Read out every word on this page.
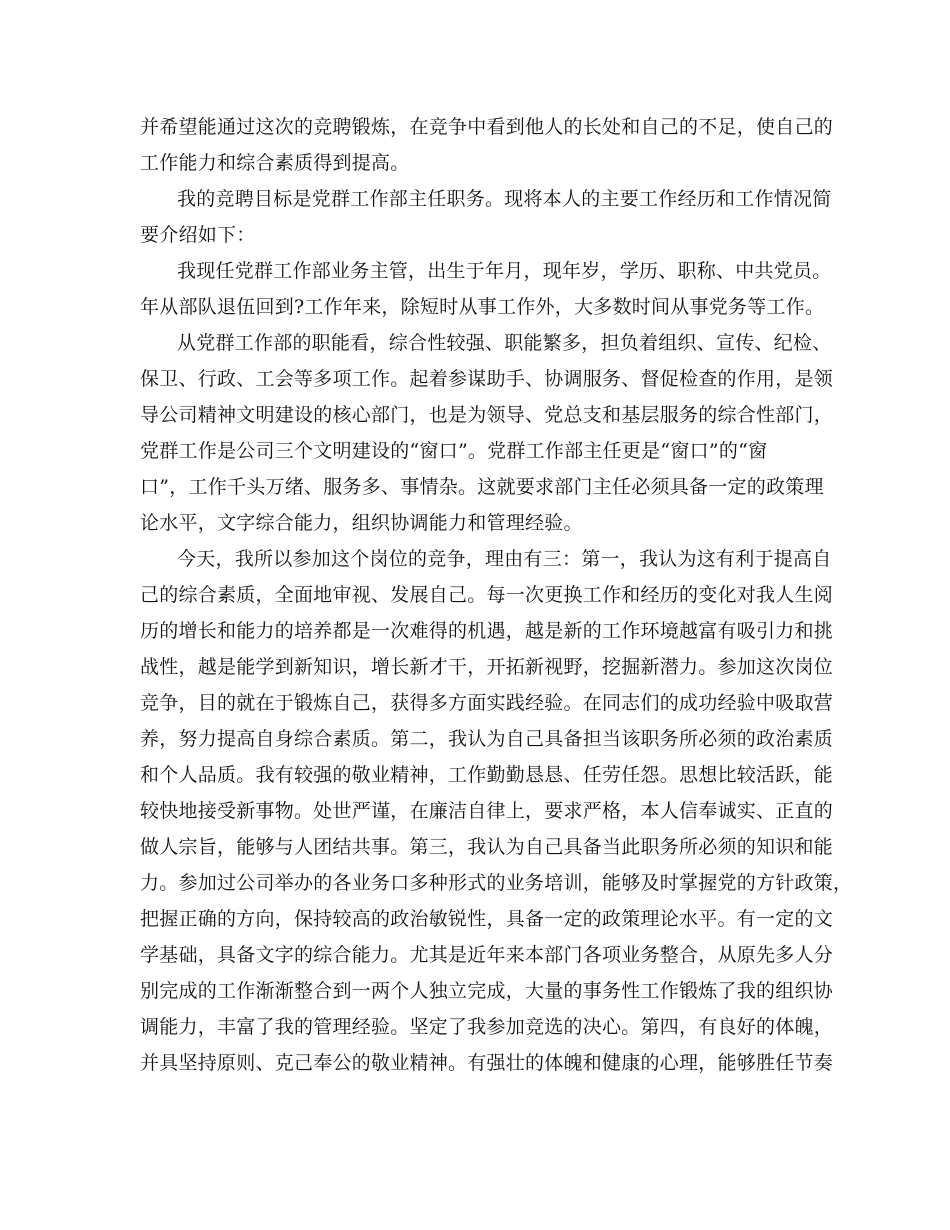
并希望能通过这次的竞聘锻炼，在竞争中看到他人的长处和自己的不足，使自己的
工作能力和综合素质得到提高。
我的竞聘目标是党群工作部主任职务。现将本人的主要工作经历和工作情况简
要介绍如下：
我现任党群工作部业务主管，出生于年月，现年岁，学历、职称、中共党员。
年从部队退伍回到?工作年来，除短时从事工作外，大多数时间从事党务等工作。
从党群工作部的职能看，综合性较强、职能繁多，担负着组织、宣传、纪检、
保卫、行政、工会等多项工作。起着参谋助手、协调服务、督促检查的作用，是领
导公司精神文明建设的核心部门，也是为领导、党总支和基层服务的综合性部门，
党群工作是公司三个文明建设的“窗口”。党群工作部主任更是“窗口”的“窗
口”，工作千头万绪、服务多、事情杂。这就要求部门主任必须具备一定的政策理
论水平，文字综合能力，组织协调能力和管理经验。
今天，我所以参加这个岗位的竞争，理由有三：第一，我认为这有利于提高自
己的综合素质，全面地审视、发展自己。每一次更换工作和经历的变化对我人生阅
历的增长和能力的培养都是一次难得的机遇，越是新的工作环境越富有吸引力和挑
战性，越是能学到新知识，增长新才干，开拓新视野，挖掘新潜力。参加这次岗位
竞争，目的就在于锻炼自己，获得多方面实践经验。在同志们的成功经验中吸取营
养，努力提高自身综合素质。第二，我认为自己具备担当该职务所必须的政治素质
和个人品质。我有较强的敬业精神，工作勤勤恳恳、任劳任怨。思想比较活跃，能
较快地接受新事物。处世严谨，在廉洁自律上，要求严格，本人信奉诚实、正直的
做人宗旨，能够与人团结共事。第三，我认为自己具备当此职务所必须的知识和能
力。参加过公司举办的各业务口多种形式的业务培训，能够及时掌握党的方针政策，
把握正确的方向，保持较高的政治敏锐性，具备一定的政策理论水平。有一定的文
学基础，具备文字的综合能力。尤其是近年来本部门各项业务整合，从原先多人分
别完成的工作渐渐整合到一两个人独立完成，大量的事务性工作锻炼了我的组织协
调能力，丰富了我的管理经验。坚定了我参加竞选的决心。第四，有良好的体魄，
并具坚持原则、克己奉公的敬业精神。有强壮的体魄和健康的心理，能够胜任节奏
